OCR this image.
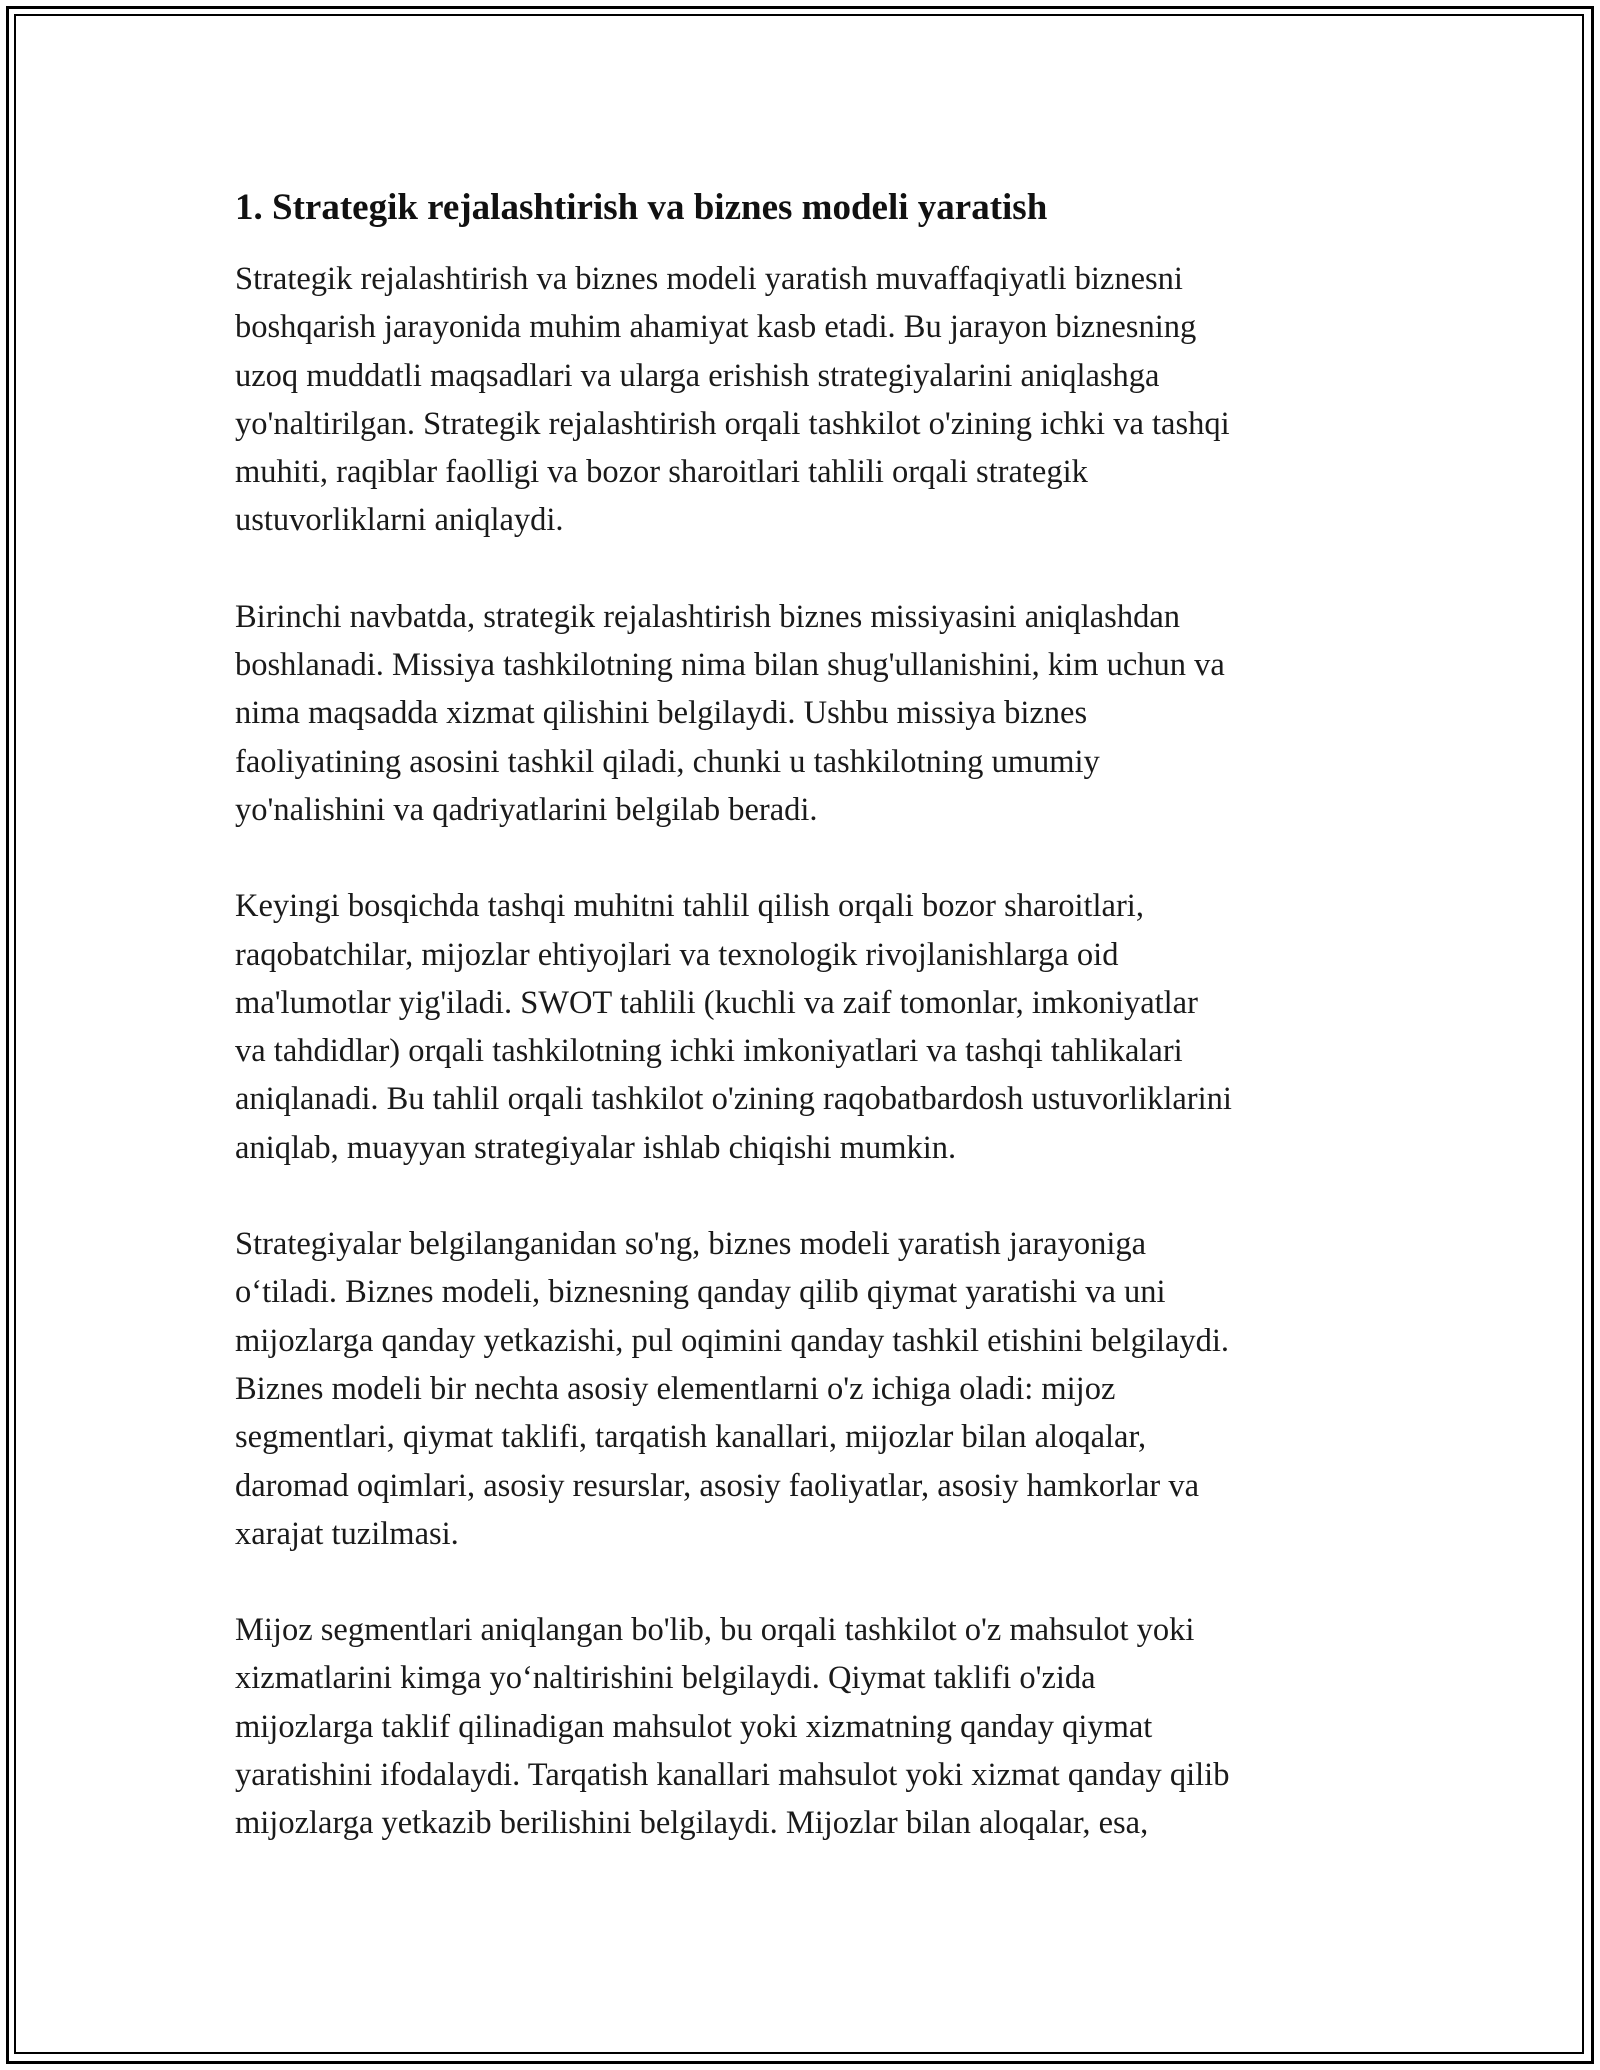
1. Strategik rejalashtirish va biznes modeli yaratish

Strategik rejalashtirish va biznes modeli yaratish muvaffaqiyatli biznesni
boshqarish jarayonida muhim ahamiyat kasb etadi. Bu jarayon biznesning
uzoq muddatli maqsadlari va ularga erishish strategiyalarini aniqlashga
yo'naltirilgan. Strategik rejalashtirish orqali tashkilot o'zining ichki va tashqi
muhiti, raqiblar faolligi va bozor sharoitlari tahlili orqali strategik
ustuvorliklarni aniqlaydi.

Birinchi navbatda, strategik rejalashtirish biznes missiyasini aniqlashdan
boshlanadi. Missiya tashkilotning nima bilan shug'ullanishini, kim uchun va
nima maqsadda xizmat qilishini belgilaydi. Ushbu missiya biznes
faoliyatining asosini tashkil qiladi, chunki u tashkilotning umumiy
yo'nalishini va qadriyatlarini belgilab beradi.

Keyingi bosqichda tashqi muhitni tahlil qilish orqali bozor sharoitlari,
raqobatchilar, mijozlar ehtiyojlari va texnologik rivojlanishlarga oid
ma'lumotlar yig'iladi. SWOT tahlili (kuchli va zaif tomonlar, imkoniyatlar
va tahdidlar) orqali tashkilotning ichki imkoniyatlari va tashqi tahlikalari
aniqlanadi. Bu tahlil orqali tashkilot o'zining raqobatbardosh ustuvorliklarini
aniqlab, muayyan strategiyalar ishlab chiqishi mumkin.

Strategiyalar belgilanganidan so'ng, biznes modeli yaratish jarayoniga
o‘tiladi. Biznes modeli, biznesning qanday qilib qiymat yaratishi va uni
mijozlarga qanday yetkazishi, pul oqimini qanday tashkil etishini belgilaydi.
Biznes modeli bir nechta asosiy elementlarni o'z ichiga oladi: mijoz
segmentlari, qiymat taklifi, tarqatish kanallari, mijozlar bilan aloqalar,
daromad oqimlari, asosiy resurslar, asosiy faoliyatlar, asosiy hamkorlar va
xarajat tuzilmasi.

Mijoz segmentlari aniqlangan bo'lib, bu orqali tashkilot o'z mahsulot yoki
xizmatlarini kimga yo‘naltirishini belgilaydi. Qiymat taklifi o'zida
mijozlarga taklif qilinadigan mahsulot yoki xizmatning qanday qiymat
yaratishini ifodalaydi. Tarqatish kanallari mahsulot yoki xizmat qanday qilib
mijozlarga yetkazib berilishini belgilaydi. Mijozlar bilan aloqalar, esa,
